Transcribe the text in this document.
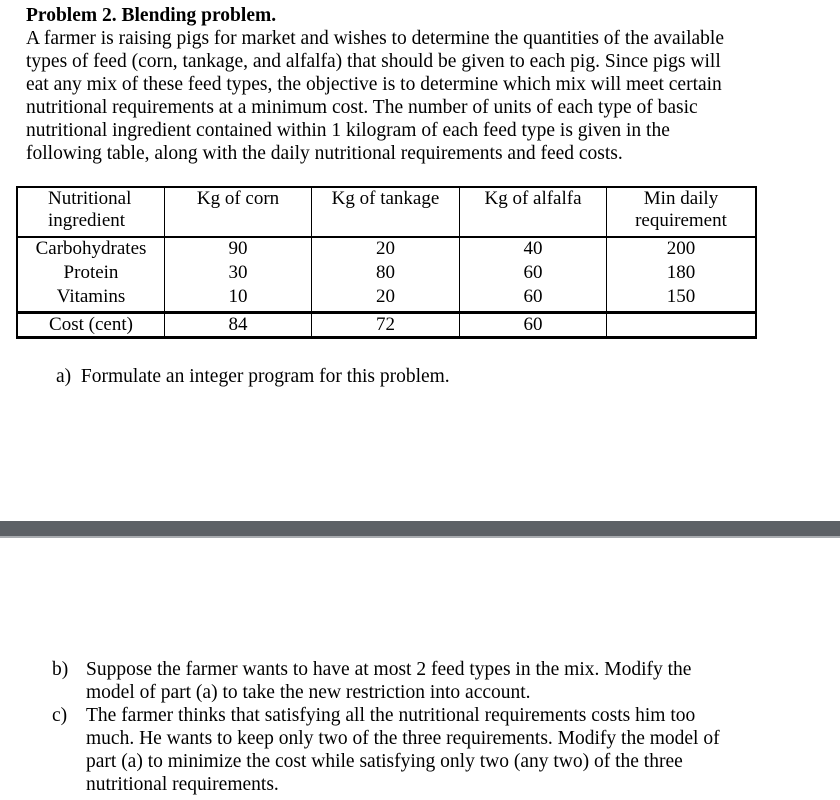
Problem 2. Blending problem.

A farmer is raising pigs for market and wishes to determine the quantities of the available

types of feed (corn, tankage, and alfalfa) that should be given to each pig. Since pigs will

eat any mix of these feed types, the objective is to determine which mix will meet certain

nutritional requirements at a minimum cost. The number of units of each type of basic

nutritional ingredient contained within 1 kilogram of each feed type is given in the

following table, along with the daily nutritional requirements and feed costs.

Nutritional
ingredient
Kg of corn	Kg of tankage	Kg of alfalfa	Min daily
requirement
Carbohydrates	90	20	40	200
Protein	30	80	60	180
Vitamins	10	20	60	150
Cost (cent)	84	72	60
a) Formulate an integer program for this problem.
b) Suppose the farmer wants to have at most 2 feed types in the mix. Modify the

model of part (a) to take the new restriction into account.

c) The farmer thinks that satisfying all the nutritional requirements costs him too

much. He wants to keep only two of the three requirements. Modify the model of

part (a) to minimize the cost while satisfying only two (any two) of the three

nutritional requirements.
